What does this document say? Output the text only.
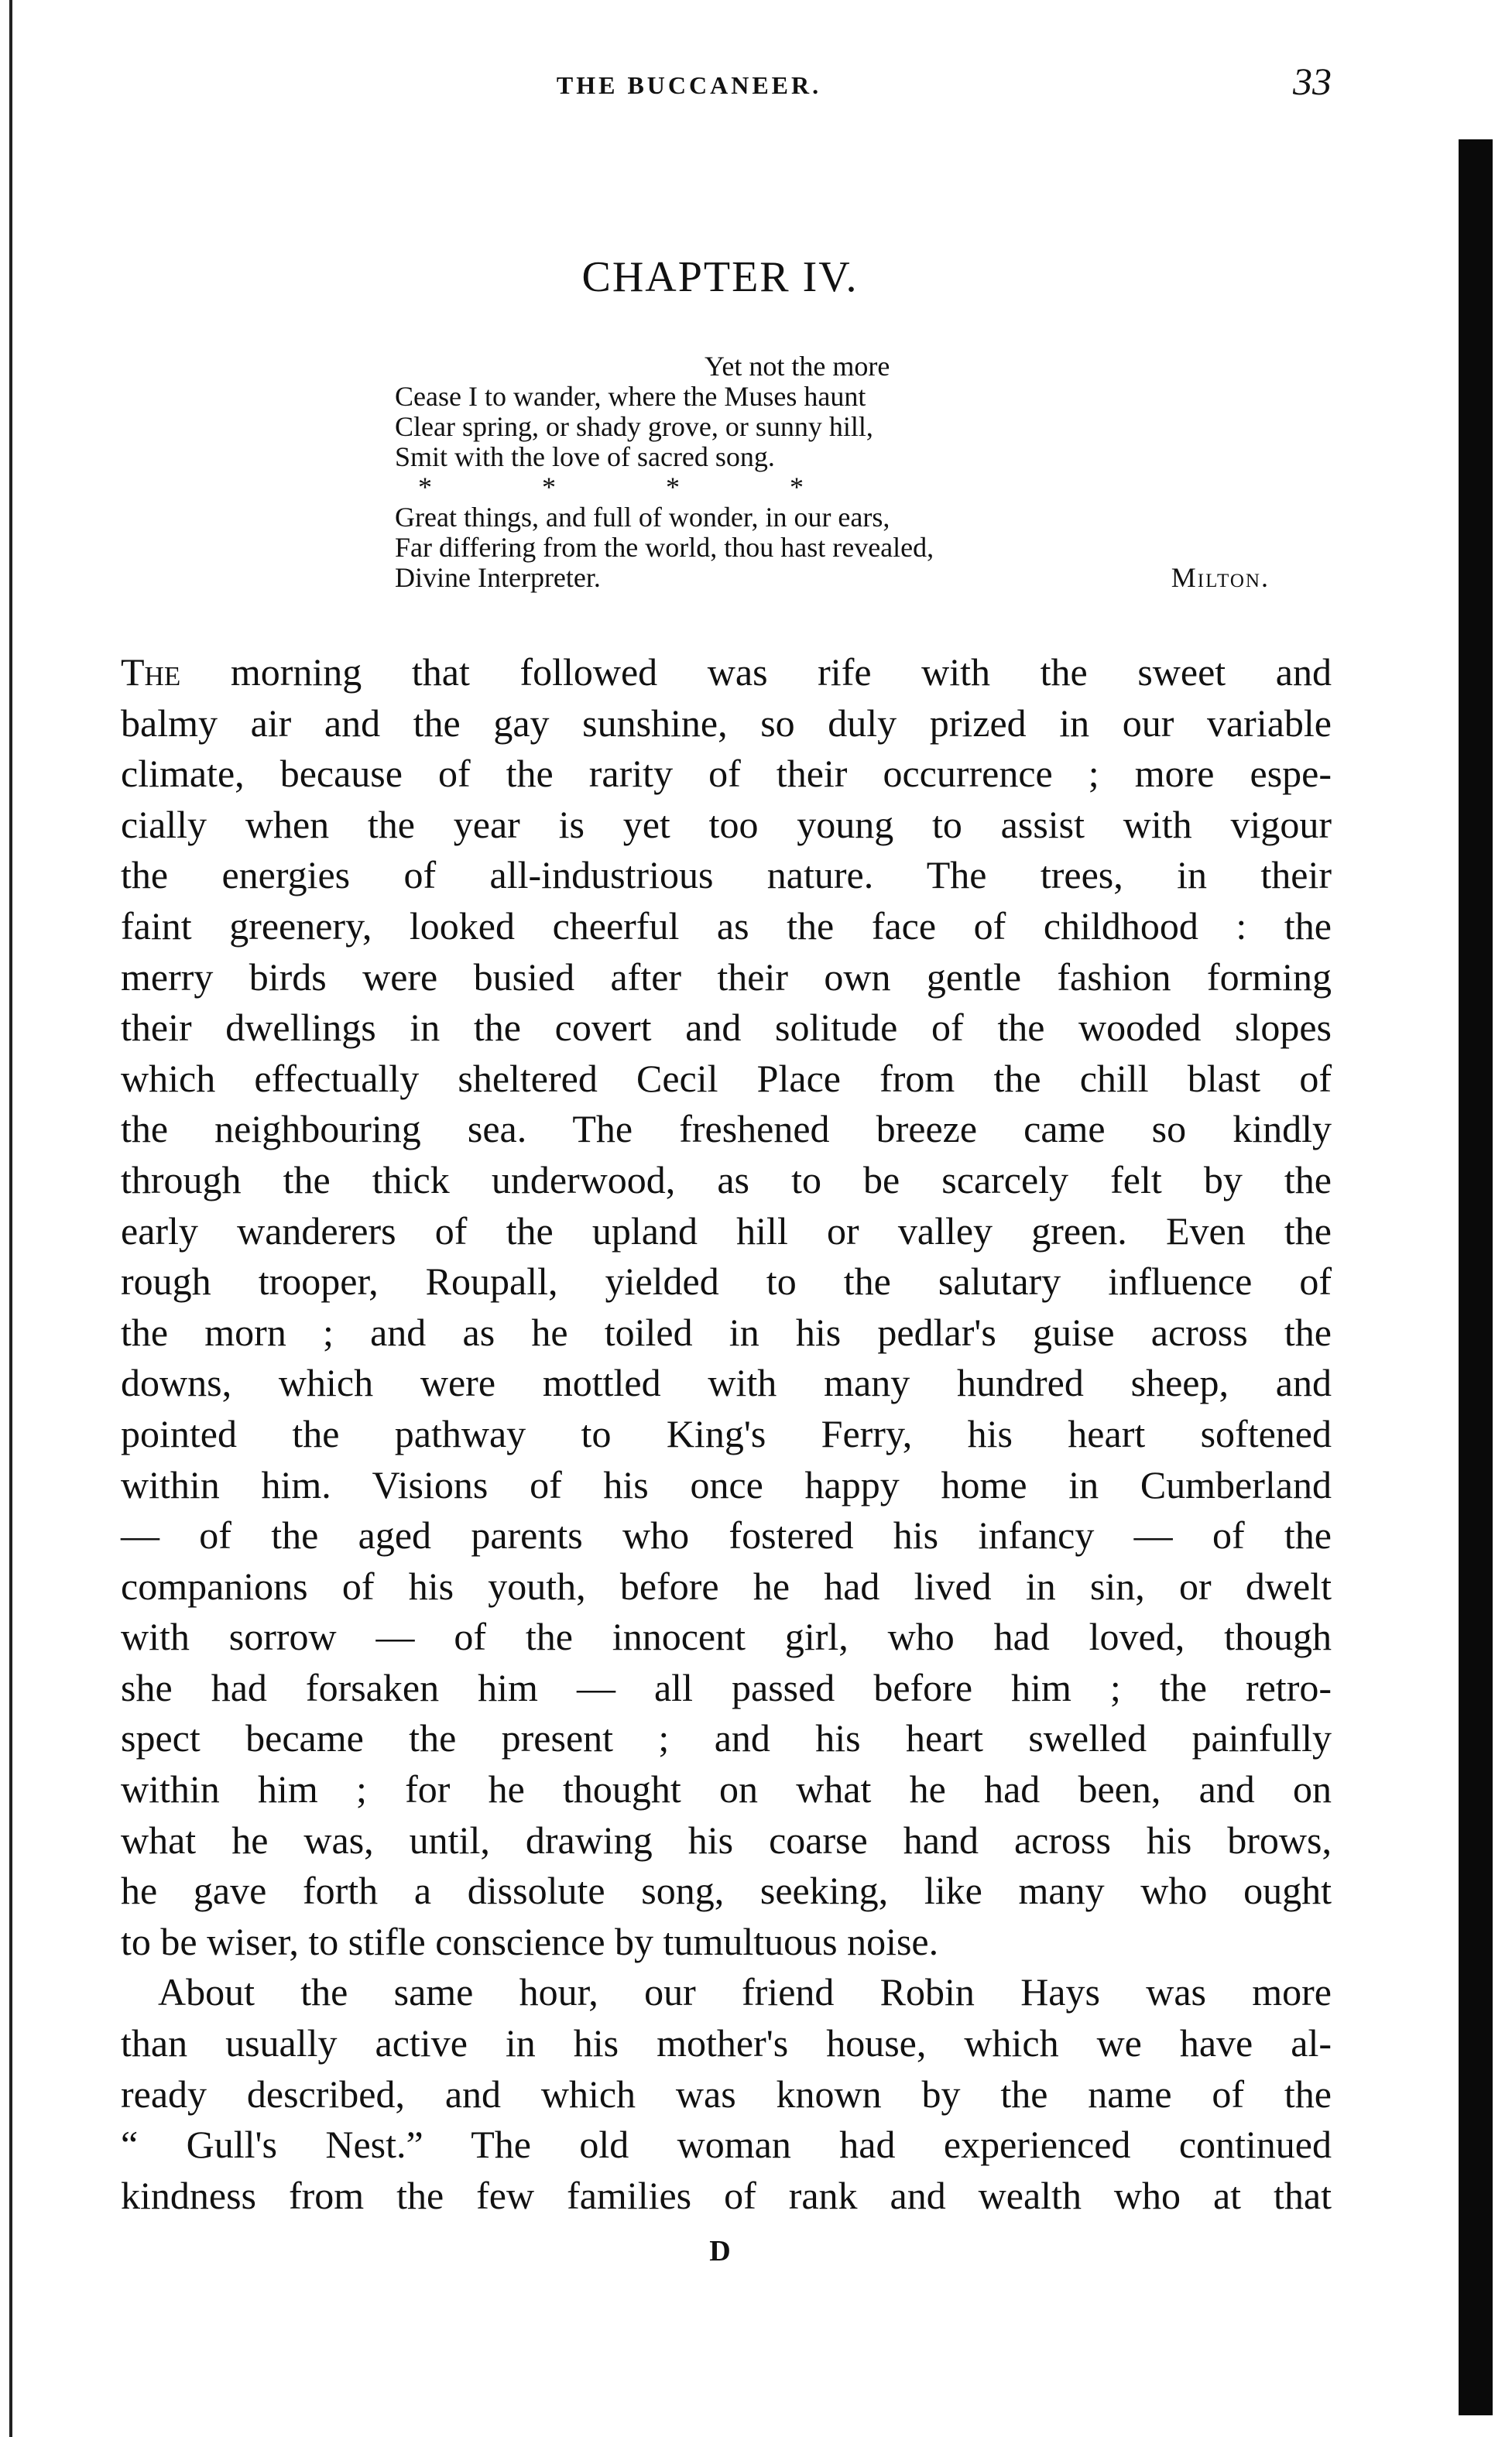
THE BUCCANEER.	33
CHAPTER IV.
Yet not the more
Cease I to wander, where the Muses haunt
Clear spring, or shady grove, or sunny hill,
Smit with the love of sacred song.
*	*	*	*
Great things, and full of wonder, in our ears,
Far differing from the world, thou hast revealed,
Divine Interpreter.	Milton.
The morning that followed was rife with the sweet and
balmy air and the gay sunshine, so duly prized in our variable
climate, because of the rarity of their occurrence ; more espe-
cially when the year is yet too young to assist with vigour
the energies of all-industrious nature. The trees, in their
faint greenery, looked cheerful as the face of childhood : the
merry birds were busied after their own gentle fashion forming
their dwellings in the covert and solitude of the wooded slopes
which effectually sheltered Cecil Place from the chill blast of
the neighbouring sea. The freshened breeze came so kindly
through the thick underwood, as to be scarcely felt by the
early wanderers of the upland hill or valley green. Even the
rough trooper, Roupall, yielded to the salutary influence of
the morn ; and as he toiled in his pedlar's guise across the
downs, which were mottled with many hundred sheep, and
pointed the pathway to King's Ferry, his heart softened
within him. Visions of his once happy home in Cumberland
— of the aged parents who fostered his infancy — of the
companions of his youth, before he had lived in sin, or dwelt
with sorrow — of the innocent girl, who had loved, though
she had forsaken him — all passed before him ; the retro-
spect became the present ; and his heart swelled painfully
within him ; for he thought on what he had been, and on
what he was, until, drawing his coarse hand across his brows,
he gave forth a dissolute song, seeking, like many who ought
to be wiser, to stifle conscience by tumultuous noise.
About the same hour, our friend Robin Hays was more
than usually active in his mother's house, which we have al-
ready described, and which was known by the name of the
“ Gull's Nest.” The old woman had experienced continued
kindness from the few families of rank and wealth who at that
D
